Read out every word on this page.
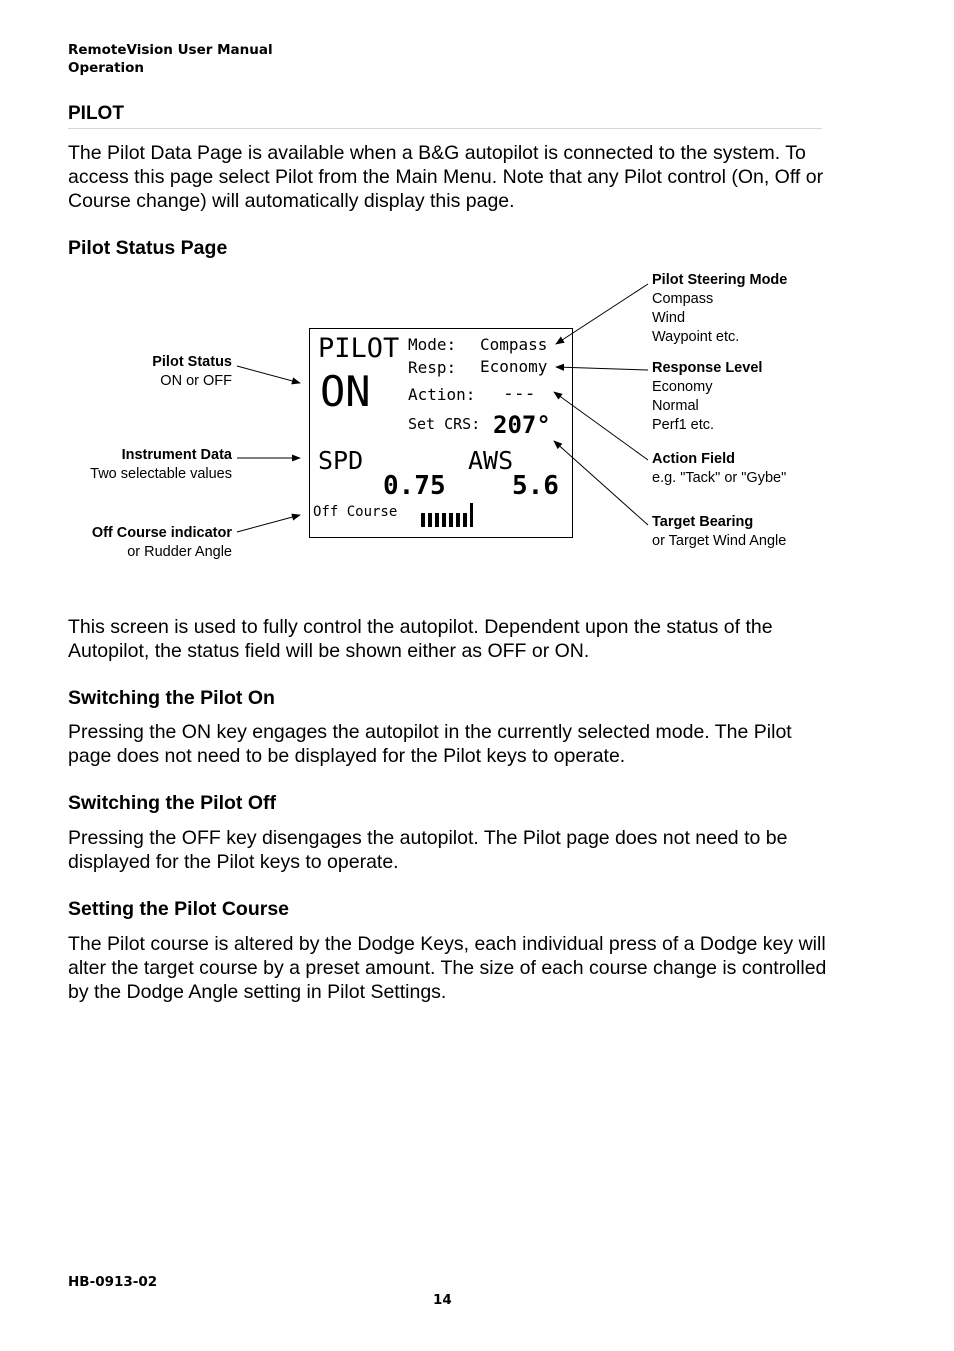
RemoteVision User Manual
Operation
PILOT

The Pilot Data Page is available when a B&G autopilot is connected to the system. To access this page select Pilot from the Main Menu. Note that any Pilot control (On, Off or Course change) will automatically display this page.

Pilot Status Page
Pilot Status
ON or OFF
Instrument Data
Two selectable values
Off Course indicator
or Rudder Angle
Pilot Steering Mode
Compass
Wind
Waypoint etc.
Response Level
Economy
Normal
Perf1 etc.
Action Field
e.g. "Tack" or "Gybe"
Target Bearing
or Target Wind Angle
PILOT
ON
Mode: Compass
Resp: Economy
Action: ---
Set CRS: 207°
SPD	AWS
0.75	5.6
Off Course

This screen is used to fully control the autopilot. Dependent upon the status of the Autopilot, the status field will be shown either as OFF or ON.

Switching the Pilot On

Pressing the ON key engages the autopilot in the currently selected mode. The Pilot page does not need to be displayed for the Pilot keys to operate.

Switching the Pilot Off

Pressing the OFF key disengages the autopilot. The Pilot page does not need to be displayed for the Pilot keys to operate.

Setting the Pilot Course

The Pilot course is altered by the Dodge Keys, each individual press of a Dodge key will alter the target course by a preset amount. The size of each course change is controlled by the Dodge Angle setting in Pilot Settings.

HB-0913-02
14
